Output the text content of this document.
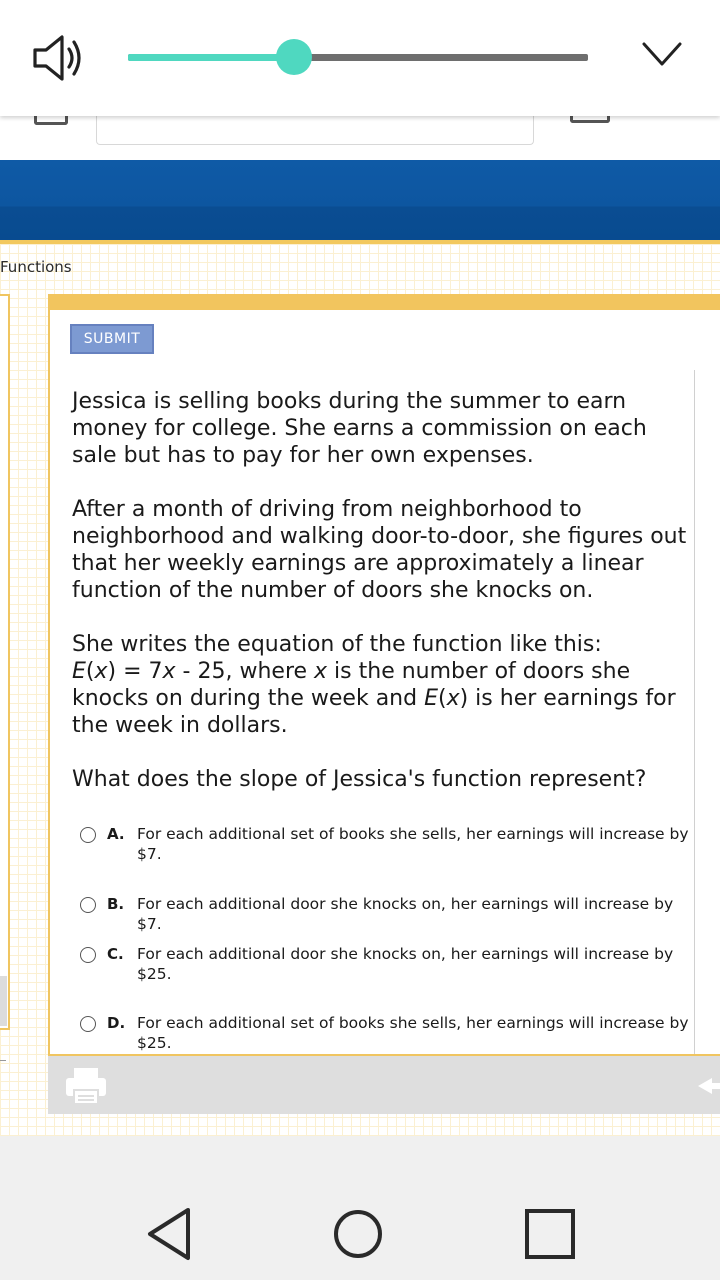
Functions
SUBMIT

Jessica is selling books during the summer to earn money for college. She earns a commission on each sale but has to pay for her own expenses.

After a month of driving from neighborhood to neighborhood and walking door-to-door, she figures out that her weekly earnings are approximately a linear function of the number of doors she knocks on.

She writes the equation of the function like this:
E(x) = 7x - 25, where x is the number of doors she knocks on during the week and E(x) is her earnings for the week in dollars.

What does the slope of Jessica's function represent?

A. For each additional set of books she sells, her earnings will increase by $7.
B. For each additional door she knocks on, her earnings will increase by $7.
C. For each additional door she knocks on, her earnings will increase by $25.
D. For each additional set of books she sells, her earnings will increase by $25.
